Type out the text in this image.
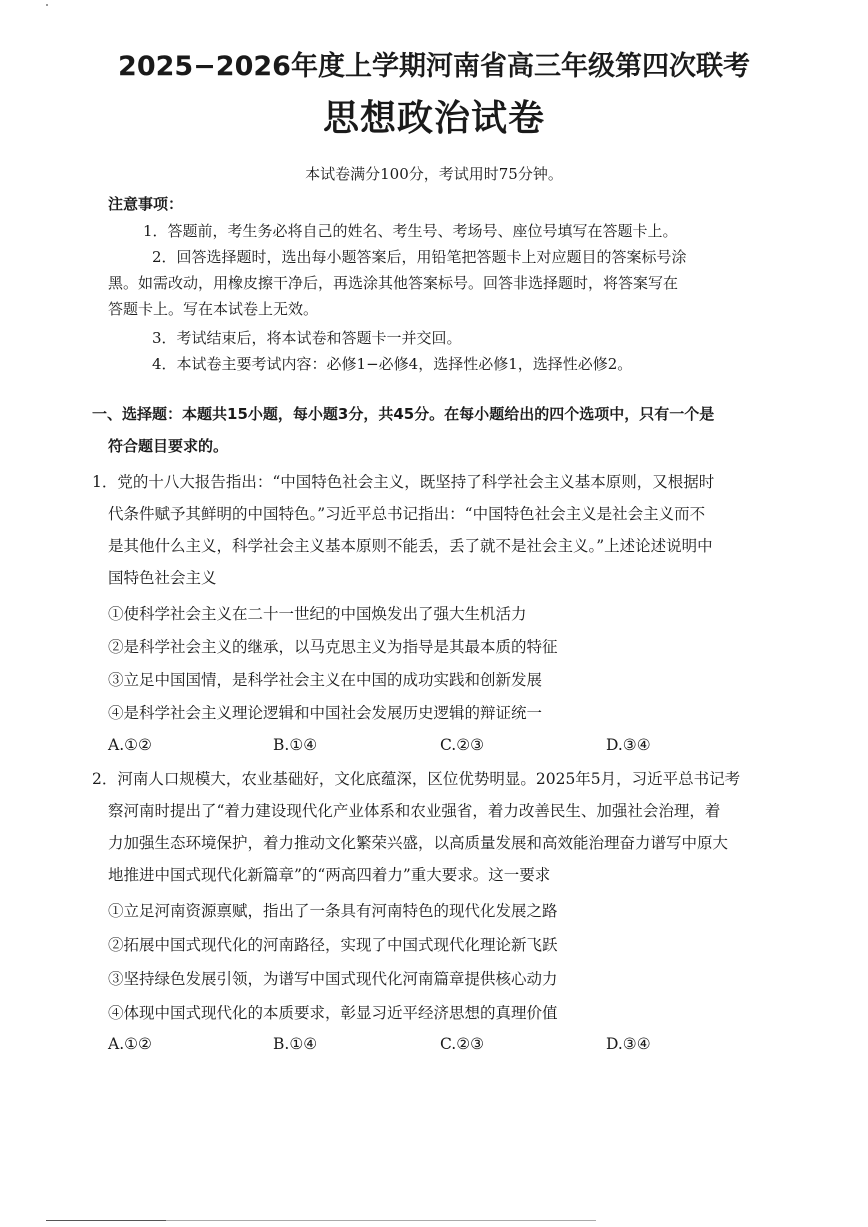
2025−2026年度上学期河南省高三年级第四次联考
思想政治试卷
本试卷满分100分，考试用时75分钟。
注意事项：
1．答题前，考生务必将自己的姓名、考生号、考场号、座位号填写在答题卡上。
2．回答选择题时，选出每小题答案后，用铅笔把答题卡上对应题目的答案标号涂
黑。如需改动，用橡皮擦干净后，再选涂其他答案标号。回答非选择题时，将答案写在
答题卡上。写在本试卷上无效。
3．考试结束后，将本试卷和答题卡一并交回。
4．本试卷主要考试内容：必修1−必修4，选择性必修1，选择性必修2。
一、选择题：本题共15小题，每小题3分，共45分。在每小题给出的四个选项中，只有一个是
符合题目要求的。
1．党的十八大报告指出：“中国特色社会主义，既坚持了科学社会主义基本原则，又根据时
代条件赋予其鲜明的中国特色。”习近平总书记指出：“中国特色社会主义是社会主义而不
是其他什么主义，科学社会主义基本原则不能丢，丢了就不是社会主义。”上述论述说明中
国特色社会主义
①使科学社会主义在二十一世纪的中国焕发出了强大生机活力
②是科学社会主义的继承，以马克思主义为指导是其最本质的特征
③立足中国国情，是科学社会主义在中国的成功实践和创新发展
④是科学社会主义理论逻辑和中国社会发展历史逻辑的辩证统一
A.①②	B.①④	C.②③	D.③④
2．河南人口规模大，农业基础好，文化底蕴深，区位优势明显。2025年5月，习近平总书记考
察河南时提出了“着力建设现代化产业体系和农业强省，着力改善民生、加强社会治理，着
力加强生态环境保护，着力推动文化繁荣兴盛，以高质量发展和高效能治理奋力谱写中原大
地推进中国式现代化新篇章”的“两高四着力”重大要求。这一要求
①立足河南资源禀赋，指出了一条具有河南特色的现代化发展之路
②拓展中国式现代化的河南路径，实现了中国式现代化理论新飞跃
③坚持绿色发展引领，为谱写中国式现代化河南篇章提供核心动力
④体现中国式现代化的本质要求，彰显习近平经济思想的真理价值
A.①②	B.①④	C.②③	D.③④
